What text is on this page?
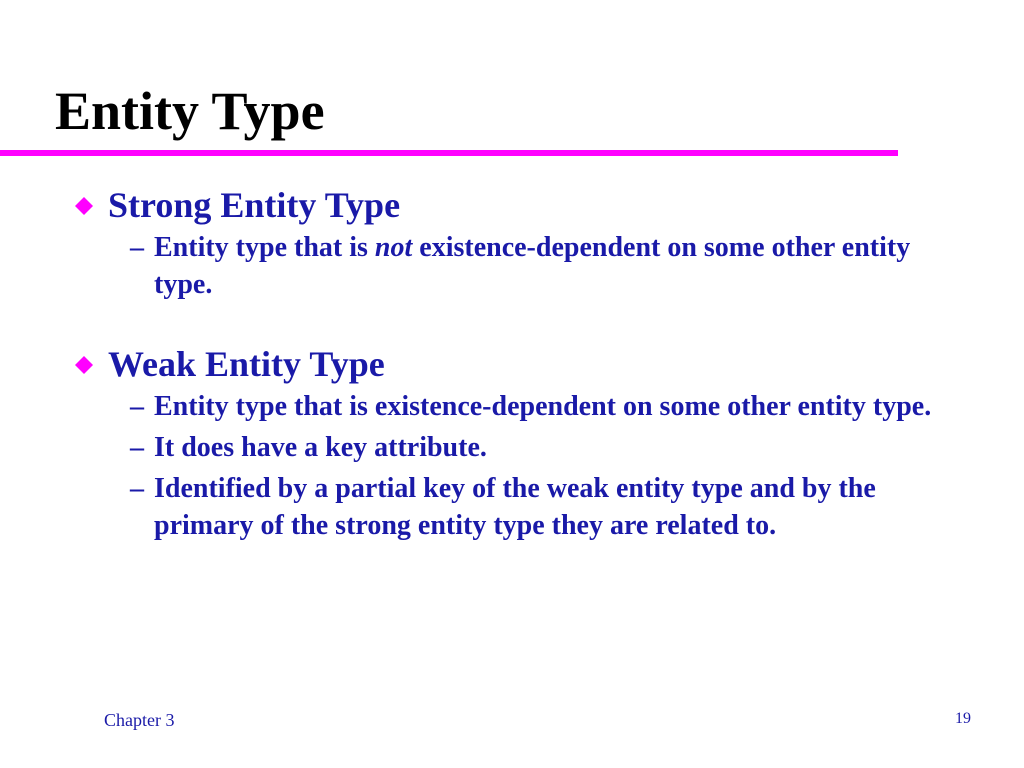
Entity Type
Strong Entity Type
– Entity type that is not existence-dependent on some other entity type.
Weak Entity Type
– Entity type that is existence-dependent on some other entity type.
– It does have a key attribute.
– Identified by a partial key of the weak entity type and by the primary of the strong entity type they are related to.
Chapter 3	19
